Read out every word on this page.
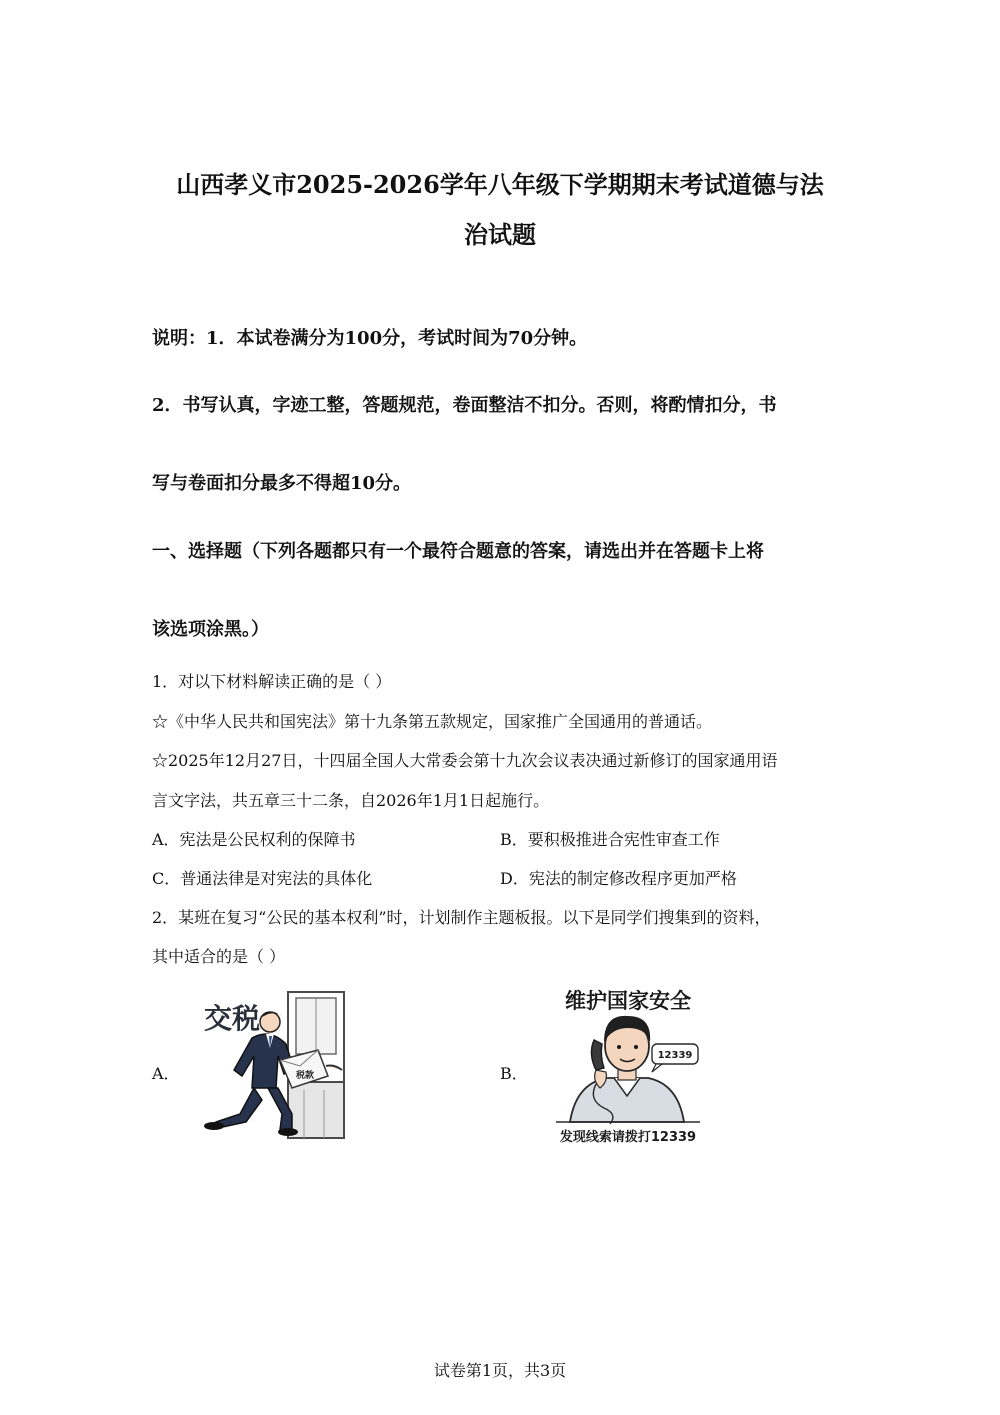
山西孝义市2025-2026学年八年级下学期期末考试道德与法
治试题
说明：1．本试卷满分为100分，考试时间为70分钟。
2．书写认真，字迹工整，答题规范，卷面整洁不扣分。否则，将酌情扣分，书
写与卷面扣分最多不得超10分。
一、选择题（下列各题都只有一个最符合题意的答案，请选出并在答题卡上将
该选项涂黑。）
1．对以下材料解读正确的是（ ）
☆《中华人民共和国宪法》第十九条第五款规定，国家推广全国通用的普通话。
☆2025年12月27日，十四届全国人大常委会第十九次会议表决通过新修订的国家通用语
言文字法，共五章三十二条，自2026年1月1日起施行。
A．宪法是公民权利的保障书	B．要积极推进合宪性审查工作
C．普通法律是对宪法的具体化	D．宪法的制定修改程序更加严格
2．某班在复习“公民的基本权利”时，计划制作主题板报。以下是同学们搜集到的资料，
其中适合的是（ ）
A．	税款
交税
B．
维护国家安全
12339
发现线索请拨打12339
试卷第1页，共3页
